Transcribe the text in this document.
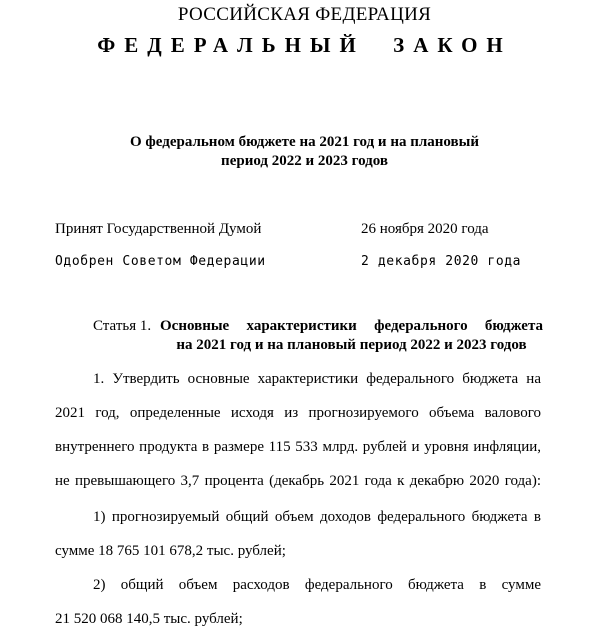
РОССИЙСКАЯ ФЕДЕРАЦИЯ
ФЕДЕРАЛЬНЫЙ ЗАКОН
О федеральном бюджете на 2021 год и на плановый
период 2022 и 2023 годов
Принят Государственной Думой	26 ноября 2020 года
Одобрен Советом Федерации	2 декабря 2020 года
Статья 1. Основные характеристики федерального бюджета
на 2021 год и на плановый период 2022 и 2023 годов
1. Утвердить основные характеристики федерального бюджета на
2021 год, определенные исходя из прогнозируемого объема валового
внутреннего продукта в размере 115 533 млрд. рублей и уровня инфляции,
не превышающего 3,7 процента (декабрь 2021 года к декабрю 2020 года):
1) прогнозируемый общий объем доходов федерального бюджета в
сумме 18 765 101 678,2 тыс. рублей;
2) общий объем расходов федерального бюджета в сумме
21 520 068 140,5 тыс. рублей;
